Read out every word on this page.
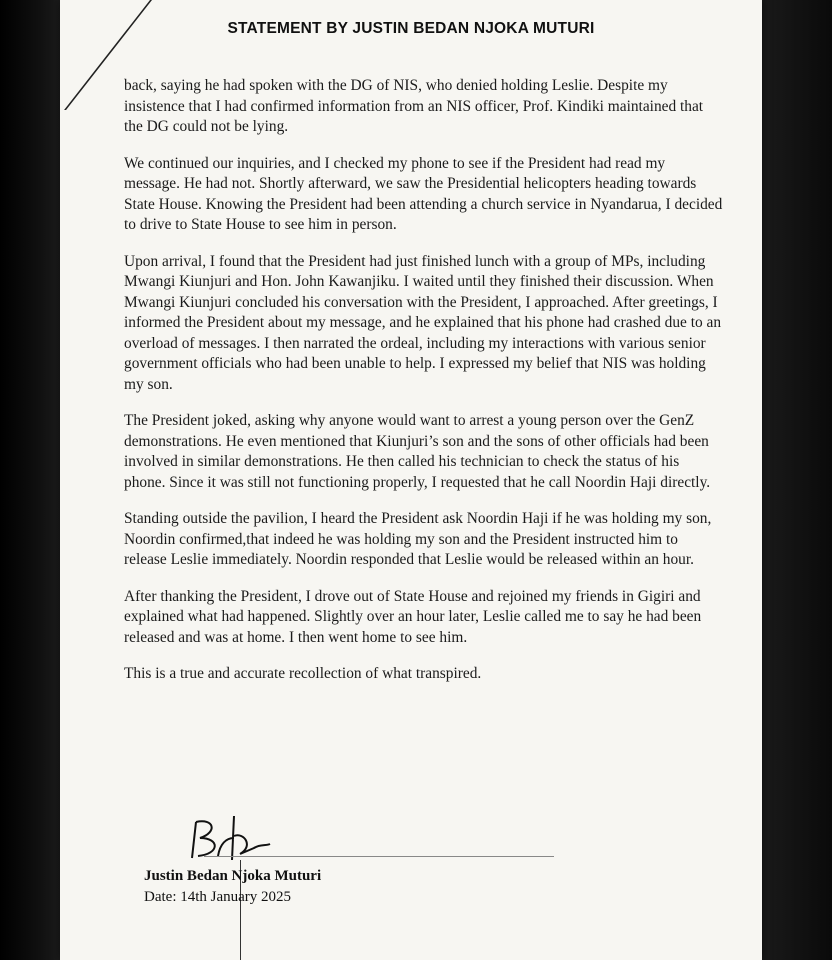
STATEMENT BY JUSTIN BEDAN NJOKA MUTURI

back, saying he had spoken with the DG of NIS, who denied holding Leslie. Despite my insistence that I had confirmed information from an NIS officer, Prof. Kindiki maintained that the DG could not be lying.

We continued our inquiries, and I checked my phone to see if the President had read my message. He had not. Shortly afterward, we saw the Presidential helicopters heading towards State House. Knowing the President had been attending a church service in Nyandarua, I decided to drive to State House to see him in person.

Upon arrival, I found that the President had just finished lunch with a group of MPs, including Mwangi Kiunjuri and Hon. John Kawanjiku. I waited until they finished their discussion. When Mwangi Kiunjuri concluded his conversation with the President, I approached. After greetings, I informed the President about my message, and he explained that his phone had crashed due to an overload of messages. I then narrated the ordeal, including my interactions with various senior government officials who had been unable to help. I expressed my belief that NIS was holding my son.

The President joked, asking why anyone would want to arrest a young person over the GenZ demonstrations. He even mentioned that Kiunjuri’s son and the sons of other officials had been involved in similar demonstrations. He then called his technician to check the status of his phone. Since it was still not functioning properly, I requested that he call Noordin Haji directly.

Standing outside the pavilion, I heard the President ask Noordin Haji if he was holding my son, Noordin confirmed,that indeed he was holding my son and the President instructed him to release Leslie immediately. Noordin responded that Leslie would be released within an hour.

After thanking the President, I drove out of State House and rejoined my friends in Gigiri and explained what had happened. Slightly over an hour later, Leslie called me to say he had been released and was at home. I then went home to see him.

This is a true and accurate recollection of what transpired.

Justin Bedan Njoka Muturi
Date: 14th January 2025
